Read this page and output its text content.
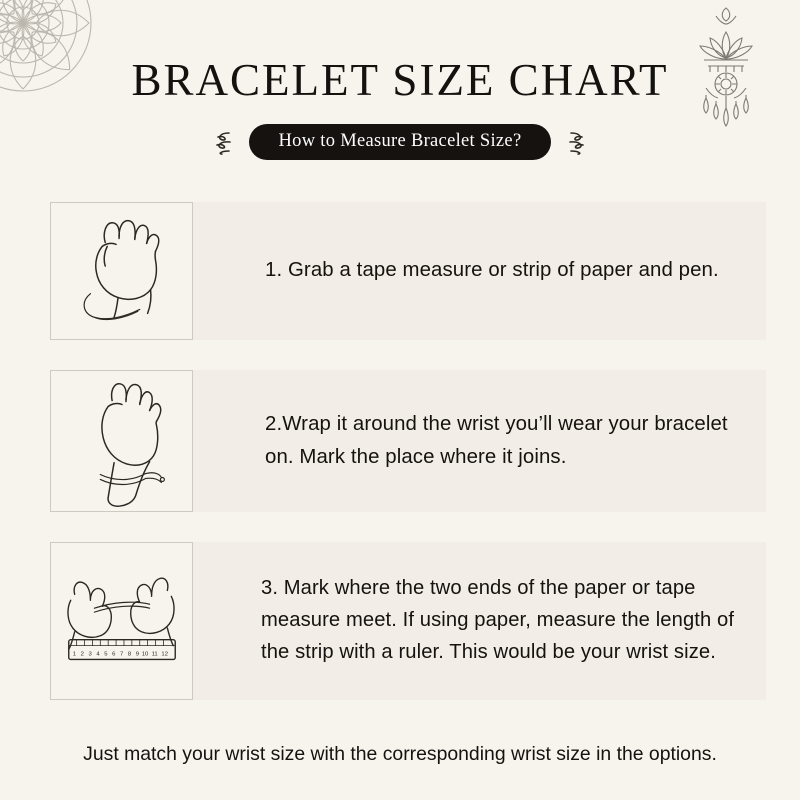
BRACELET SIZE CHART
How to Measure Bracelet Size?
1. Grab a tape measure or strip of paper and pen.
2.Wrap it around the wrist you’ll wear your bracelet on. Mark the place where it joins.
1 2 3 4 5 6 7 8 9 10 11 12
3. Mark where the two ends of the paper or tape measure meet. If using paper, measure the length of the strip with a ruler. This would be your wrist size.
Just match your wrist size with the corresponding wrist size in the options.
